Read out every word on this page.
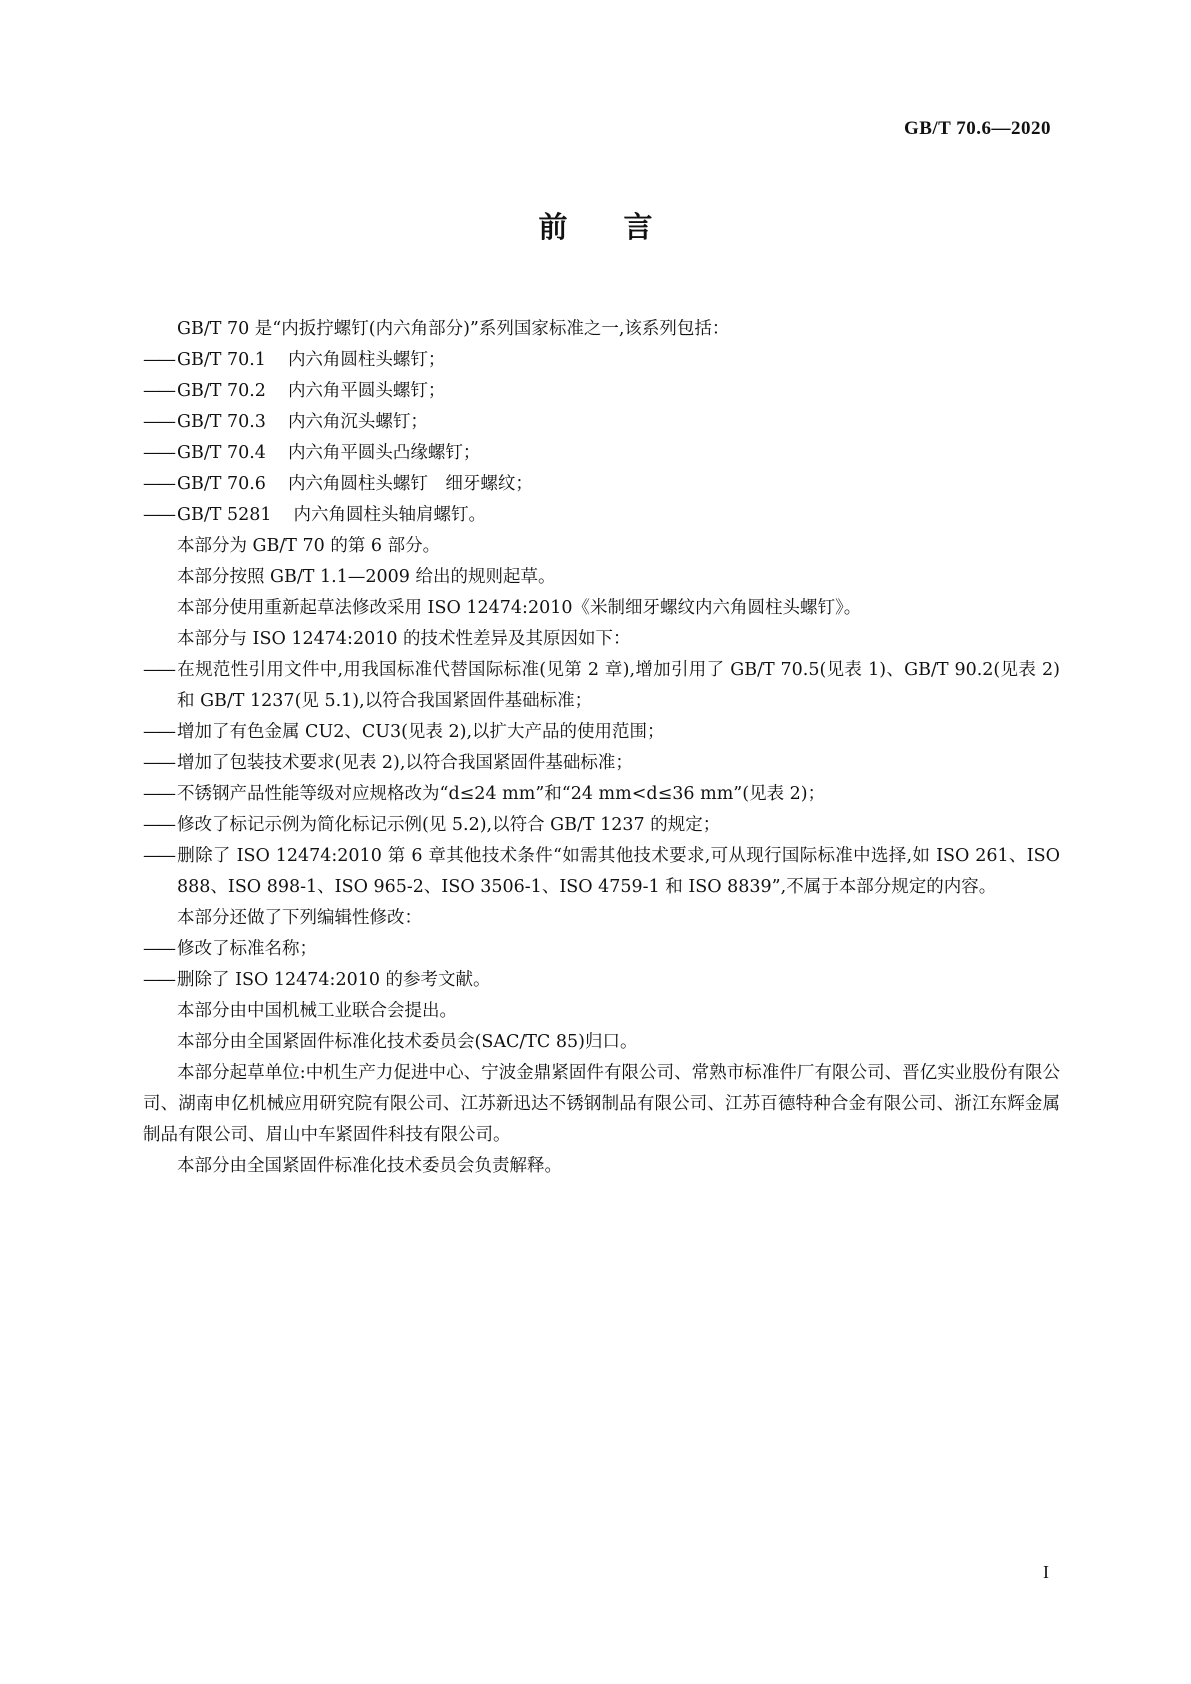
GB/T 70.6—2020
前言

GB/T 70 是“内扳拧螺钉(内六角部分)”系列国家标准之一,该系列包括：

—— GB/T 70.1 内六角圆柱头螺钉；

—— GB/T 70.2 内六角平圆头螺钉；

—— GB/T 70.3 内六角沉头螺钉；

—— GB/T 70.4 内六角平圆头凸缘螺钉；

—— GB/T 70.6 内六角圆柱头螺钉　细牙螺纹；

—— GB/T 5281 内六角圆柱头轴肩螺钉。

本部分为 GB/T 70 的第 6 部分。

本部分按照 GB/T 1.1—2009 给出的规则起草。

本部分使用重新起草法修改采用 ISO 12474:2010《米制细牙螺纹内六角圆柱头螺钉》。

本部分与 ISO 12474:2010 的技术性差异及其原因如下：

—— 在规范性引用文件中,用我国标准代替国际标准(见第 2 章),增加引用了 GB/T 70.5(见表 1)、GB/T 90.2(见表 2)和 GB/T 1237(见 5.1),以符合我国紧固件基础标准；

—— 增加了有色金属 CU2、CU3(见表 2),以扩大产品的使用范围；

—— 增加了包装技术要求(见表 2),以符合我国紧固件基础标准；

—— 不锈钢产品性能等级对应规格改为“d≤24 mm”和“24 mm<d≤36 mm”(见表 2)；

—— 修改了标记示例为简化标记示例(见 5.2),以符合 GB/T 1237 的规定；

—— 删除了 ISO 12474:2010 第 6 章其他技术条件“如需其他技术要求,可从现行国际标准中选择,如 ISO 261、ISO 888、ISO 898-1、ISO 965-2、ISO 3506-1、ISO 4759-1 和 ISO 8839”,不属于本部分规定的内容。

本部分还做了下列编辑性修改：

—— 修改了标准名称；

—— 删除了 ISO 12474:2010 的参考文献。

本部分由中国机械工业联合会提出。

本部分由全国紧固件标准化技术委员会(SAC/TC 85)归口。

本部分起草单位:中机生产力促进中心、宁波金鼎紧固件有限公司、常熟市标准件厂有限公司、晋亿实业股份有限公司、湖南申亿机械应用研究院有限公司、江苏新迅达不锈钢制品有限公司、江苏百德特种合金有限公司、浙江东辉金属制品有限公司、眉山中车紧固件科技有限公司。

本部分由全国紧固件标准化技术委员会负责解释。

I
